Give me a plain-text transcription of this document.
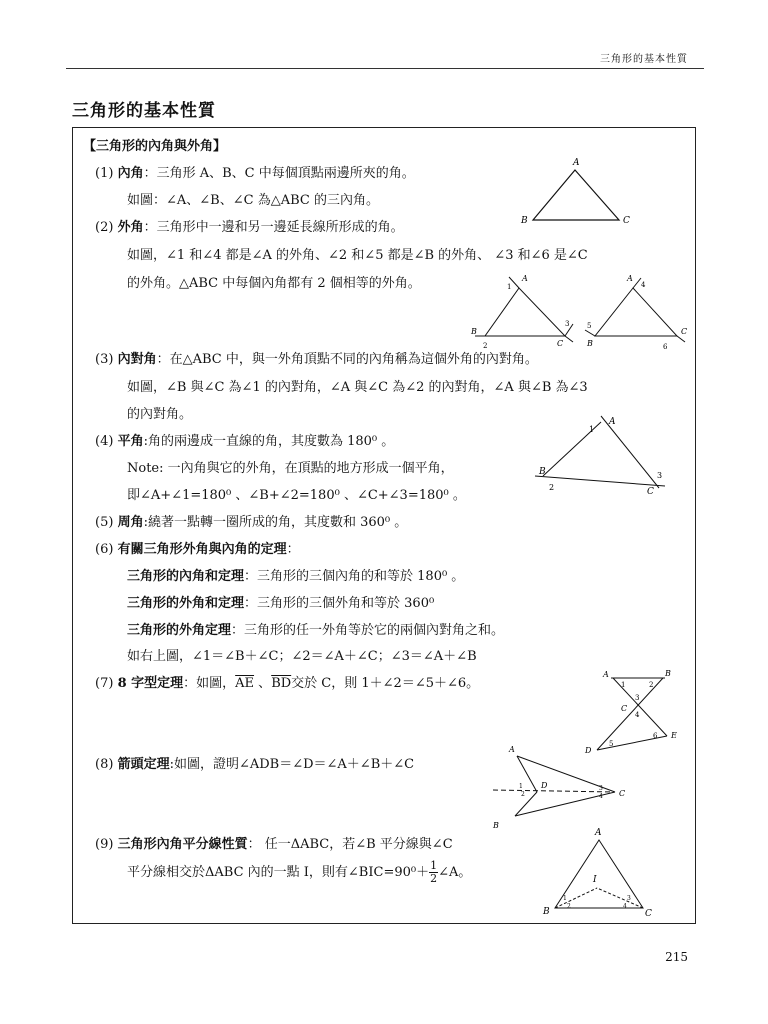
三角形的基本性質
三角形的基本性質
【三角形的內角與外角】
(1) 內角：三角形 A、B、C 中每個頂點兩邊所夾的角。
如圖：∠A、∠B、∠C 為△ABC 的三內角。
(2) 外角：三角形中一邊和另一邊延長線所形成的角。
如圖，∠1 和∠4 都是∠A 的外角、∠2 和∠5 都是∠B 的外角、 ∠3 和∠6 是∠C
的外角。△ABC 中每個內角都有 2 個相等的外角。
(3) 內對角：在△ABC 中，與一外角頂點不同的內角稱為這個外角的內對角。
如圖，∠B 與∠C 為∠1 的內對角，∠A 與∠C 為∠2 的內對角，∠A 與∠B 為∠3
的內對角。
(4) 平角:角的兩邊成一直線的角，其度數為 180⁰ 。
Note: 一內角與它的外角，在頂點的地方形成一個平角，
即∠A+∠1=180⁰ 、∠B+∠2=180⁰ 、∠C+∠3=180⁰ 。
(5) 周角:繞著一點轉一圈所成的角，其度數和 360⁰ 。
(6) 有關三角形外角與內角的定理：
三角形的內角和定理：三角形的三個內角的和等於 180⁰ 。
三角形的外角和定理：三角形的三個外角和等於 360⁰
三角形的外角定理：三角形的任一外角等於它的兩個內對角之和。
如右上圖，∠1＝∠B＋∠C；∠2＝∠A＋∠C；∠3＝∠A＋∠B
(7) 8 字型定理：如圖，$\overline{AE}$ 、$\overline{BD}$交於 C，則 1＋∠2＝∠5＋∠6。
(8) 箭頭定理:如圖，證明∠ADB＝∠D＝∠A＋∠B＋∠C
(9) 三角形內角平分線性質： 任一ΔABC，若∠B 平分線與∠C
平分線相交於ΔABC 內的一點 I，則有∠BIC=90⁰＋ $\frac{1}{2}$ ∠A。
A
B	C
A
B
C
1
2
3
A
B
C
4
5
6
A
B
C
1
2
3
A	B
C
D
E
1	2
3
4
5
6
A
B
C
D
1
2
3
4
A
B	C
I
1
2
3
4
215
